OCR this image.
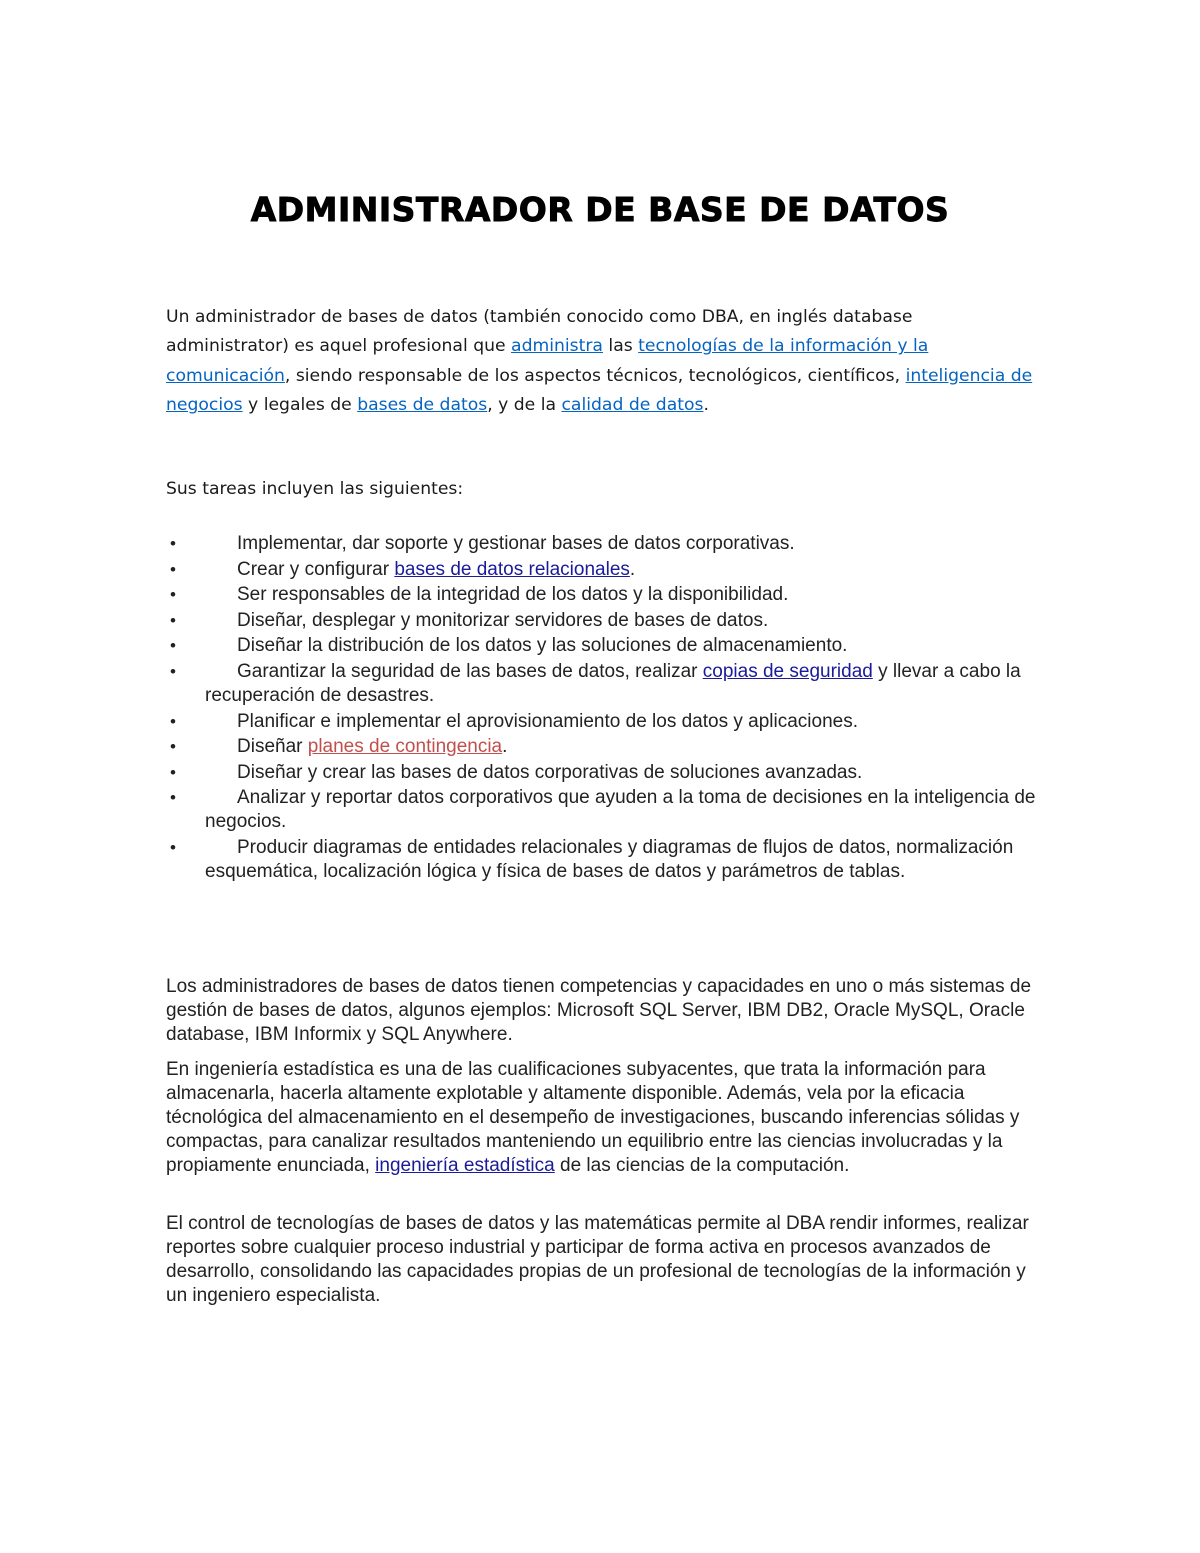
ADMINISTRADOR DE BASE DE DATOS

Un administrador de bases de datos (también conocido como DBA, en inglés database administrator) es aquel profesional que administra las tecnologías de la información y la comunicación, siendo responsable de los aspectos técnicos, tecnológicos, científicos, inteligencia de negocios y legales de bases de datos, y de la calidad de datos.

Sus tareas incluyen las siguientes:

•	Implementar, dar soporte y gestionar bases de datos corporativas.
•	Crear y configurar bases de datos relacionales.
•	Ser responsables de la integridad de los datos y la disponibilidad.
•	Diseñar, desplegar y monitorizar servidores de bases de datos.
•	Diseñar la distribución de los datos y las soluciones de almacenamiento.
•	Garantizar la seguridad de las bases de datos, realizar copias de seguridad y llevar a cabo la recuperación de desastres.
•	Planificar e implementar el aprovisionamiento de los datos y aplicaciones.
•	Diseñar planes de contingencia.
•	Diseñar y crear las bases de datos corporativas de soluciones avanzadas.
•	Analizar y reportar datos corporativos que ayuden a la toma de decisiones en la inteligencia de negocios.
•	Producir diagramas de entidades relacionales y diagramas de flujos de datos, normalización esquemática, localización lógica y física de bases de datos y parámetros de tablas.

Los administradores de bases de datos tienen competencias y capacidades en uno o más sistemas de gestión de bases de datos, algunos ejemplos: Microsoft SQL Server, IBM DB2, Oracle MySQL, Oracle database, IBM Informix y SQL Anywhere.

En ingeniería estadística es una de las cualificaciones subyacentes, que trata la información para almacenarla, hacerla altamente explotable y altamente disponible. Además, vela por la eficacia técnológica del almacenamiento en el desempeño de investigaciones, buscando inferencias sólidas y compactas, para canalizar resultados manteniendo un equilibrio entre las ciencias involucradas y la propiamente enunciada, ingeniería estadística de las ciencias de la computación.

El control de tecnologías de bases de datos y las matemáticas permite al DBA rendir informes, realizar reportes sobre cualquier proceso industrial y participar de forma activa en procesos avanzados de desarrollo, consolidando las capacidades propias de un profesional de tecnologías de la información y un ingeniero especialista.
